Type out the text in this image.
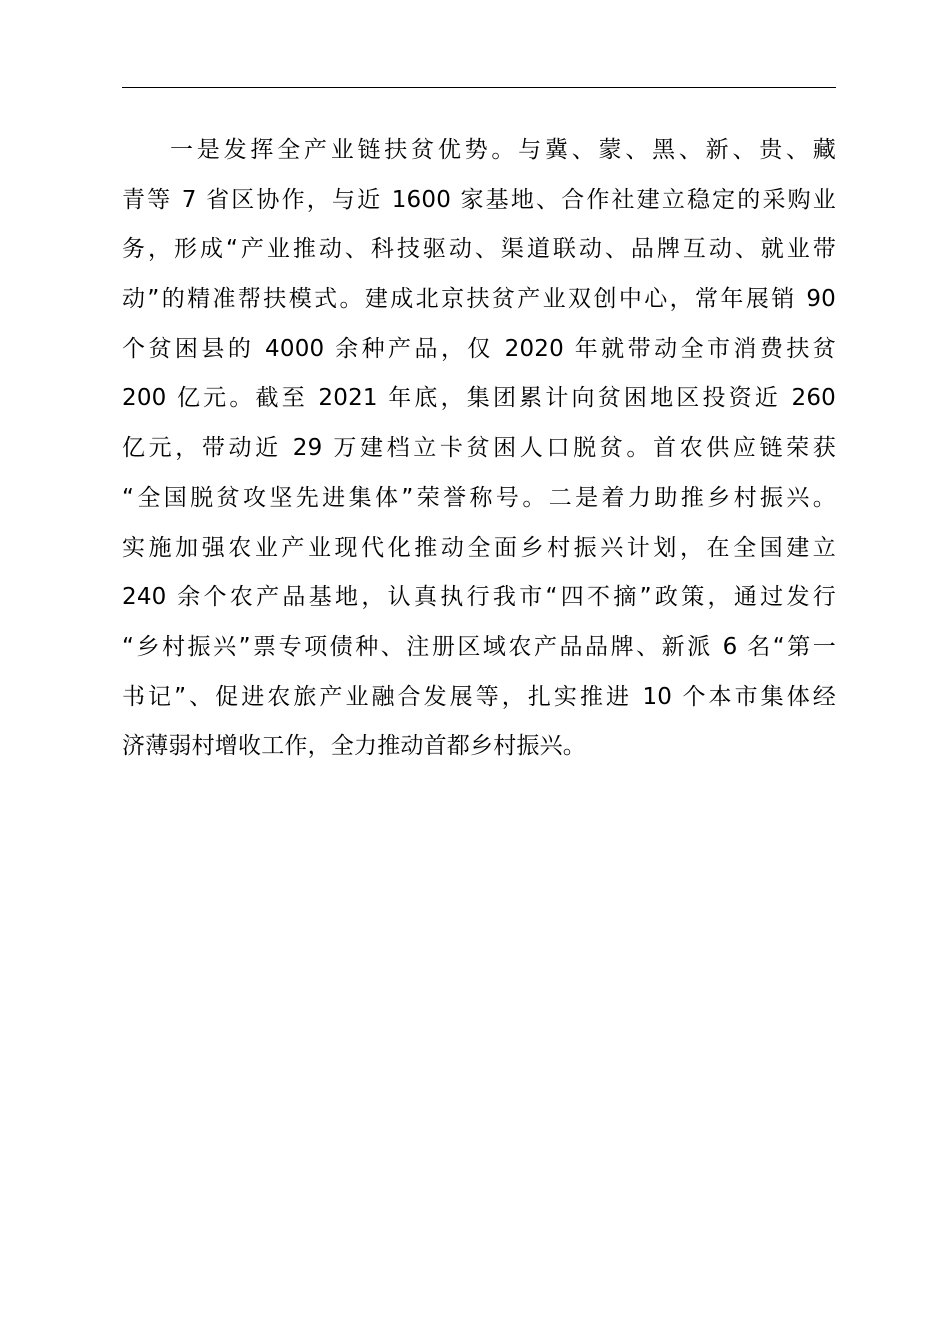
一是发挥全产业链扶贫优势。与冀、蒙、黑、新、贵、藏
青等 7 省区协作，与近 1600 家基地、合作社建立稳定的采购业
务，形成“产业推动、科技驱动、渠道联动、品牌互动、就业带
动”的精准帮扶模式。建成北京扶贫产业双创中心，常年展销 90
个贫困县的 4000 余种产品，仅 2020 年就带动全市消费扶贫
200 亿元。截至 2021 年底，集团累计向贫困地区投资近 260
亿元，带动近 29 万建档立卡贫困人口脱贫。首农供应链荣获
“全国脱贫攻坚先进集体”荣誉称号。二是着力助推乡村振兴。
实施加强农业产业现代化推动全面乡村振兴计划，在全国建立
240 余个农产品基地，认真执行我市“四不摘”政策，通过发行
“乡村振兴”票专项债种、注册区域农产品品牌、新派 6 名“第一
书记”、促进农旅产业融合发展等，扎实推进 10 个本市集体经
济薄弱村增收工作，全力推动首都乡村振兴。
